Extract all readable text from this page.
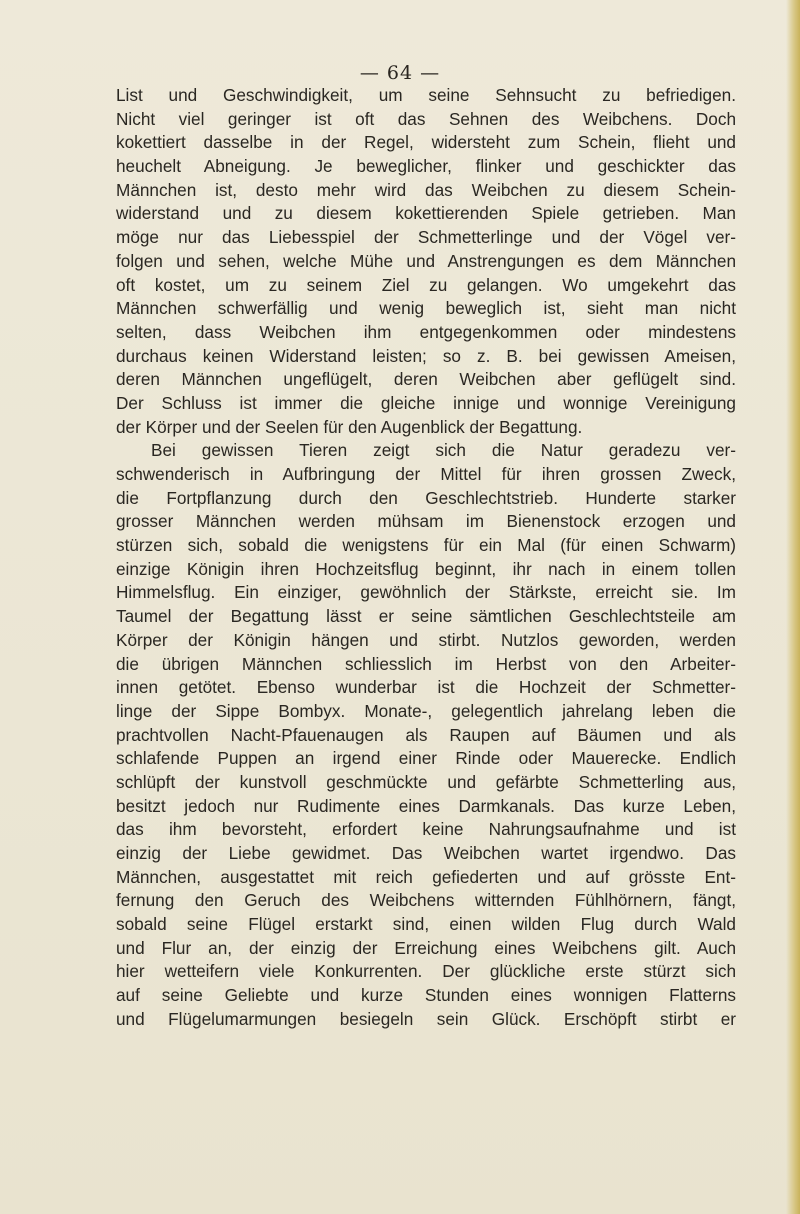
— 64 —
List und Geschwindigkeit, um seine Sehnsucht zu befriedigen.
Nicht viel geringer ist oft das Sehnen des Weibchens. Doch
kokettiert dasselbe in der Regel, widersteht zum Schein, flieht und
heuchelt Abneigung. Je beweglicher, flinker und geschickter das
Männchen ist, desto mehr wird das Weibchen zu diesem Schein-
widerstand und zu diesem kokettierenden Spiele getrieben. Man
möge nur das Liebesspiel der Schmetterlinge und der Vögel ver-
folgen und sehen, welche Mühe und Anstrengungen es dem Männchen
oft kostet, um zu seinem Ziel zu gelangen. Wo umgekehrt das
Männchen schwerfällig und wenig beweglich ist, sieht man nicht
selten, dass Weibchen ihm entgegenkommen oder mindestens
durchaus keinen Widerstand leisten; so z. B. bei gewissen Ameisen,
deren Männchen ungeflügelt, deren Weibchen aber geflügelt sind.
Der Schluss ist immer die gleiche innige und wonnige Vereinigung
der Körper und der Seelen für den Augenblick der Begattung.
Bei gewissen Tieren zeigt sich die Natur geradezu ver-
schwenderisch in Aufbringung der Mittel für ihren grossen Zweck,
die Fortpflanzung durch den Geschlechtstrieb. Hunderte starker
grosser Männchen werden mühsam im Bienenstock erzogen und
stürzen sich, sobald die wenigstens für ein Mal (für einen Schwarm)
einzige Königin ihren Hochzeitsflug beginnt, ihr nach in einem tollen
Himmelsflug. Ein einziger, gewöhnlich der Stärkste, erreicht sie. Im
Taumel der Begattung lässt er seine sämtlichen Geschlechtsteile am
Körper der Königin hängen und stirbt. Nutzlos geworden, werden
die übrigen Männchen schliesslich im Herbst von den Arbeiter-
innen getötet. Ebenso wunderbar ist die Hochzeit der Schmetter-
linge der Sippe Bombyx. Monate-, gelegentlich jahrelang leben die
prachtvollen Nacht-Pfauenaugen als Raupen auf Bäumen und als
schlafende Puppen an irgend einer Rinde oder Mauerecke. Endlich
schlüpft der kunstvoll geschmückte und gefärbte Schmetterling aus,
besitzt jedoch nur Rudimente eines Darmkanals. Das kurze Leben,
das ihm bevorsteht, erfordert keine Nahrungsaufnahme und ist
einzig der Liebe gewidmet. Das Weibchen wartet irgendwo. Das
Männchen, ausgestattet mit reich gefiederten und auf grösste Ent-
fernung den Geruch des Weibchens witternden Fühlhörnern, fängt,
sobald seine Flügel erstarkt sind, einen wilden Flug durch Wald
und Flur an, der einzig der Erreichung eines Weibchens gilt. Auch
hier wetteifern viele Konkurrenten. Der glückliche erste stürzt sich
auf seine Geliebte und kurze Stunden eines wonnigen Flatterns
und Flügelumarmungen besiegeln sein Glück. Erschöpft stirbt er
